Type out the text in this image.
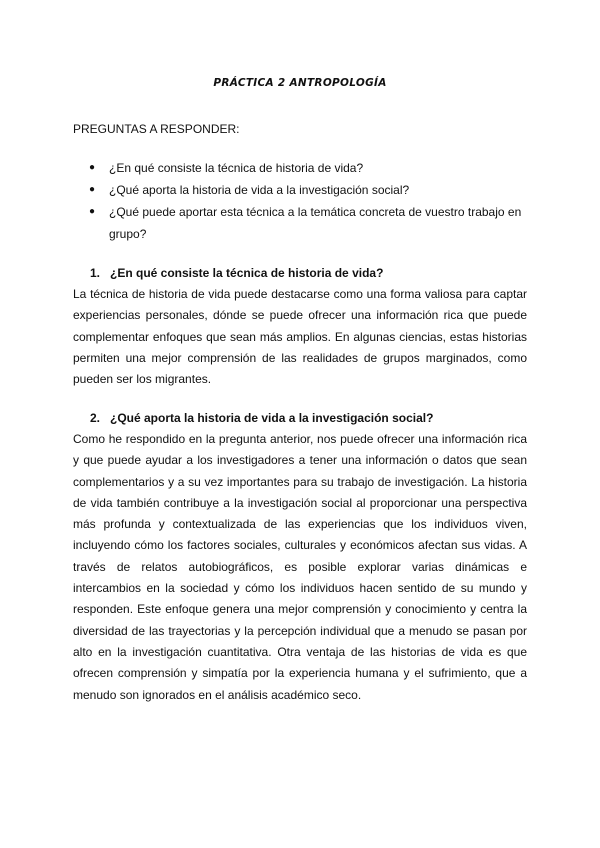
PRÁCTICA 2 ANTROPOLOGÍA

PREGUNTAS A RESPONDER:

● ¿En qué consiste la técnica de historia de vida?
● ¿Qué aporta la historia de vida a la investigación social?
● ¿Qué puede aportar esta técnica a la temática concreta de vuestro trabajo en grupo?
1. ¿En qué consiste la técnica de historia de vida?

La técnica de historia de vida puede destacarse como una forma valiosa para captar experiencias personales, dónde se puede ofrecer una información rica que puede complementar enfoques que sean más amplios. En algunas ciencias, estas historias permiten una mejor comprensión de las realidades de grupos marginados, como pueden ser los migrantes.

2. ¿Qué aporta la historia de vida a la investigación social?

Como he respondido en la pregunta anterior, nos puede ofrecer una información rica y que puede ayudar a los investigadores a tener una información o datos que sean complementarios y a su vez importantes para su trabajo de investigación. La historia de vida también contribuye a la investigación social al proporcionar una perspectiva más profunda y contextualizada de las experiencias que los individuos viven, incluyendo cómo los factores sociales, culturales y económicos afectan sus vidas. A través de relatos autobiográficos, es posible explorar varias dinámicas e intercambios en la sociedad y cómo los individuos hacen sentido de su mundo y responden. Este enfoque genera una mejor comprensión y conocimiento y centra la diversidad de las trayectorias y la percepción individual que a menudo se pasan por alto en la investigación cuantitativa. Otra ventaja de las historias de vida es que ofrecen comprensión y simpatía por la experiencia humana y el sufrimiento, que a menudo son ignorados en el análisis académico seco.
